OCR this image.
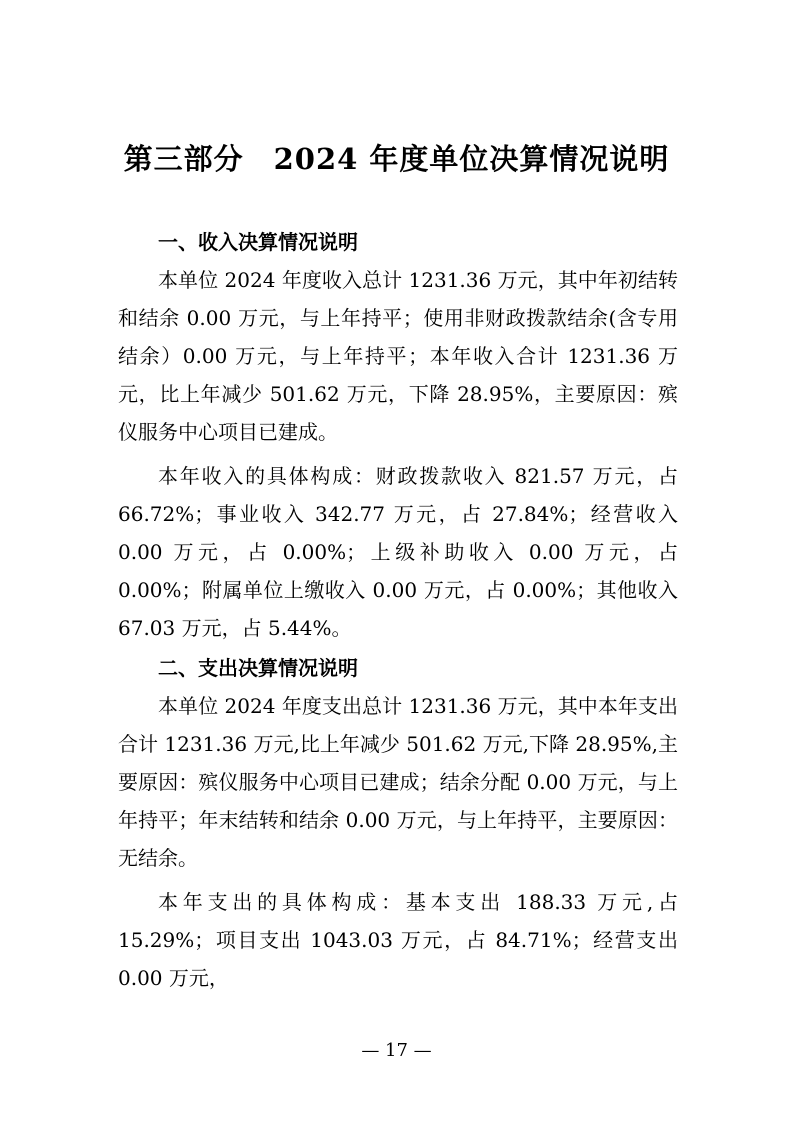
第三部分　2024 年度单位决算情况说明

一、收入决算情况说明

本单位 2024 年度收入总计 1231.36 万元，其中年初结转和结余 0.00 万元，与上年持平；使用非财政拨款结余(含专用结余）0.00 万元，与上年持平；本年收入合计 1231.36 万元，比上年减少 501.62 万元，下降 28.95%，主要原因：殡仪服务中心项目已建成。

本年收入的具体构成：财政拨款收入 821.57 万元，占 66.72%；事业收入 342.77 万元，占 27.84%；经营收入 0.00 万元，占 0.00%；上级补助收入 0.00 万元，占 0.00%；附属单位上缴收入 0.00 万元，占 0.00%；其他收入 67.03 万元，占 5.44%。

二、支出决算情况说明

本单位 2024 年度支出总计 1231.36 万元，其中本年支出合计 1231.36 万元,比上年减少 501.62 万元,下降 28.95%,主要原因：殡仪服务中心项目已建成；结余分配 0.00 万元，与上年持平；年末结转和结余 0.00 万元，与上年持平，主要原因：无结余。

本年支出的具体构成：基本支出 188.33 万元,占 15.29%；项目支出 1043.03 万元，占 84.71%；经营支出 0.00 万元，

— 17 —
